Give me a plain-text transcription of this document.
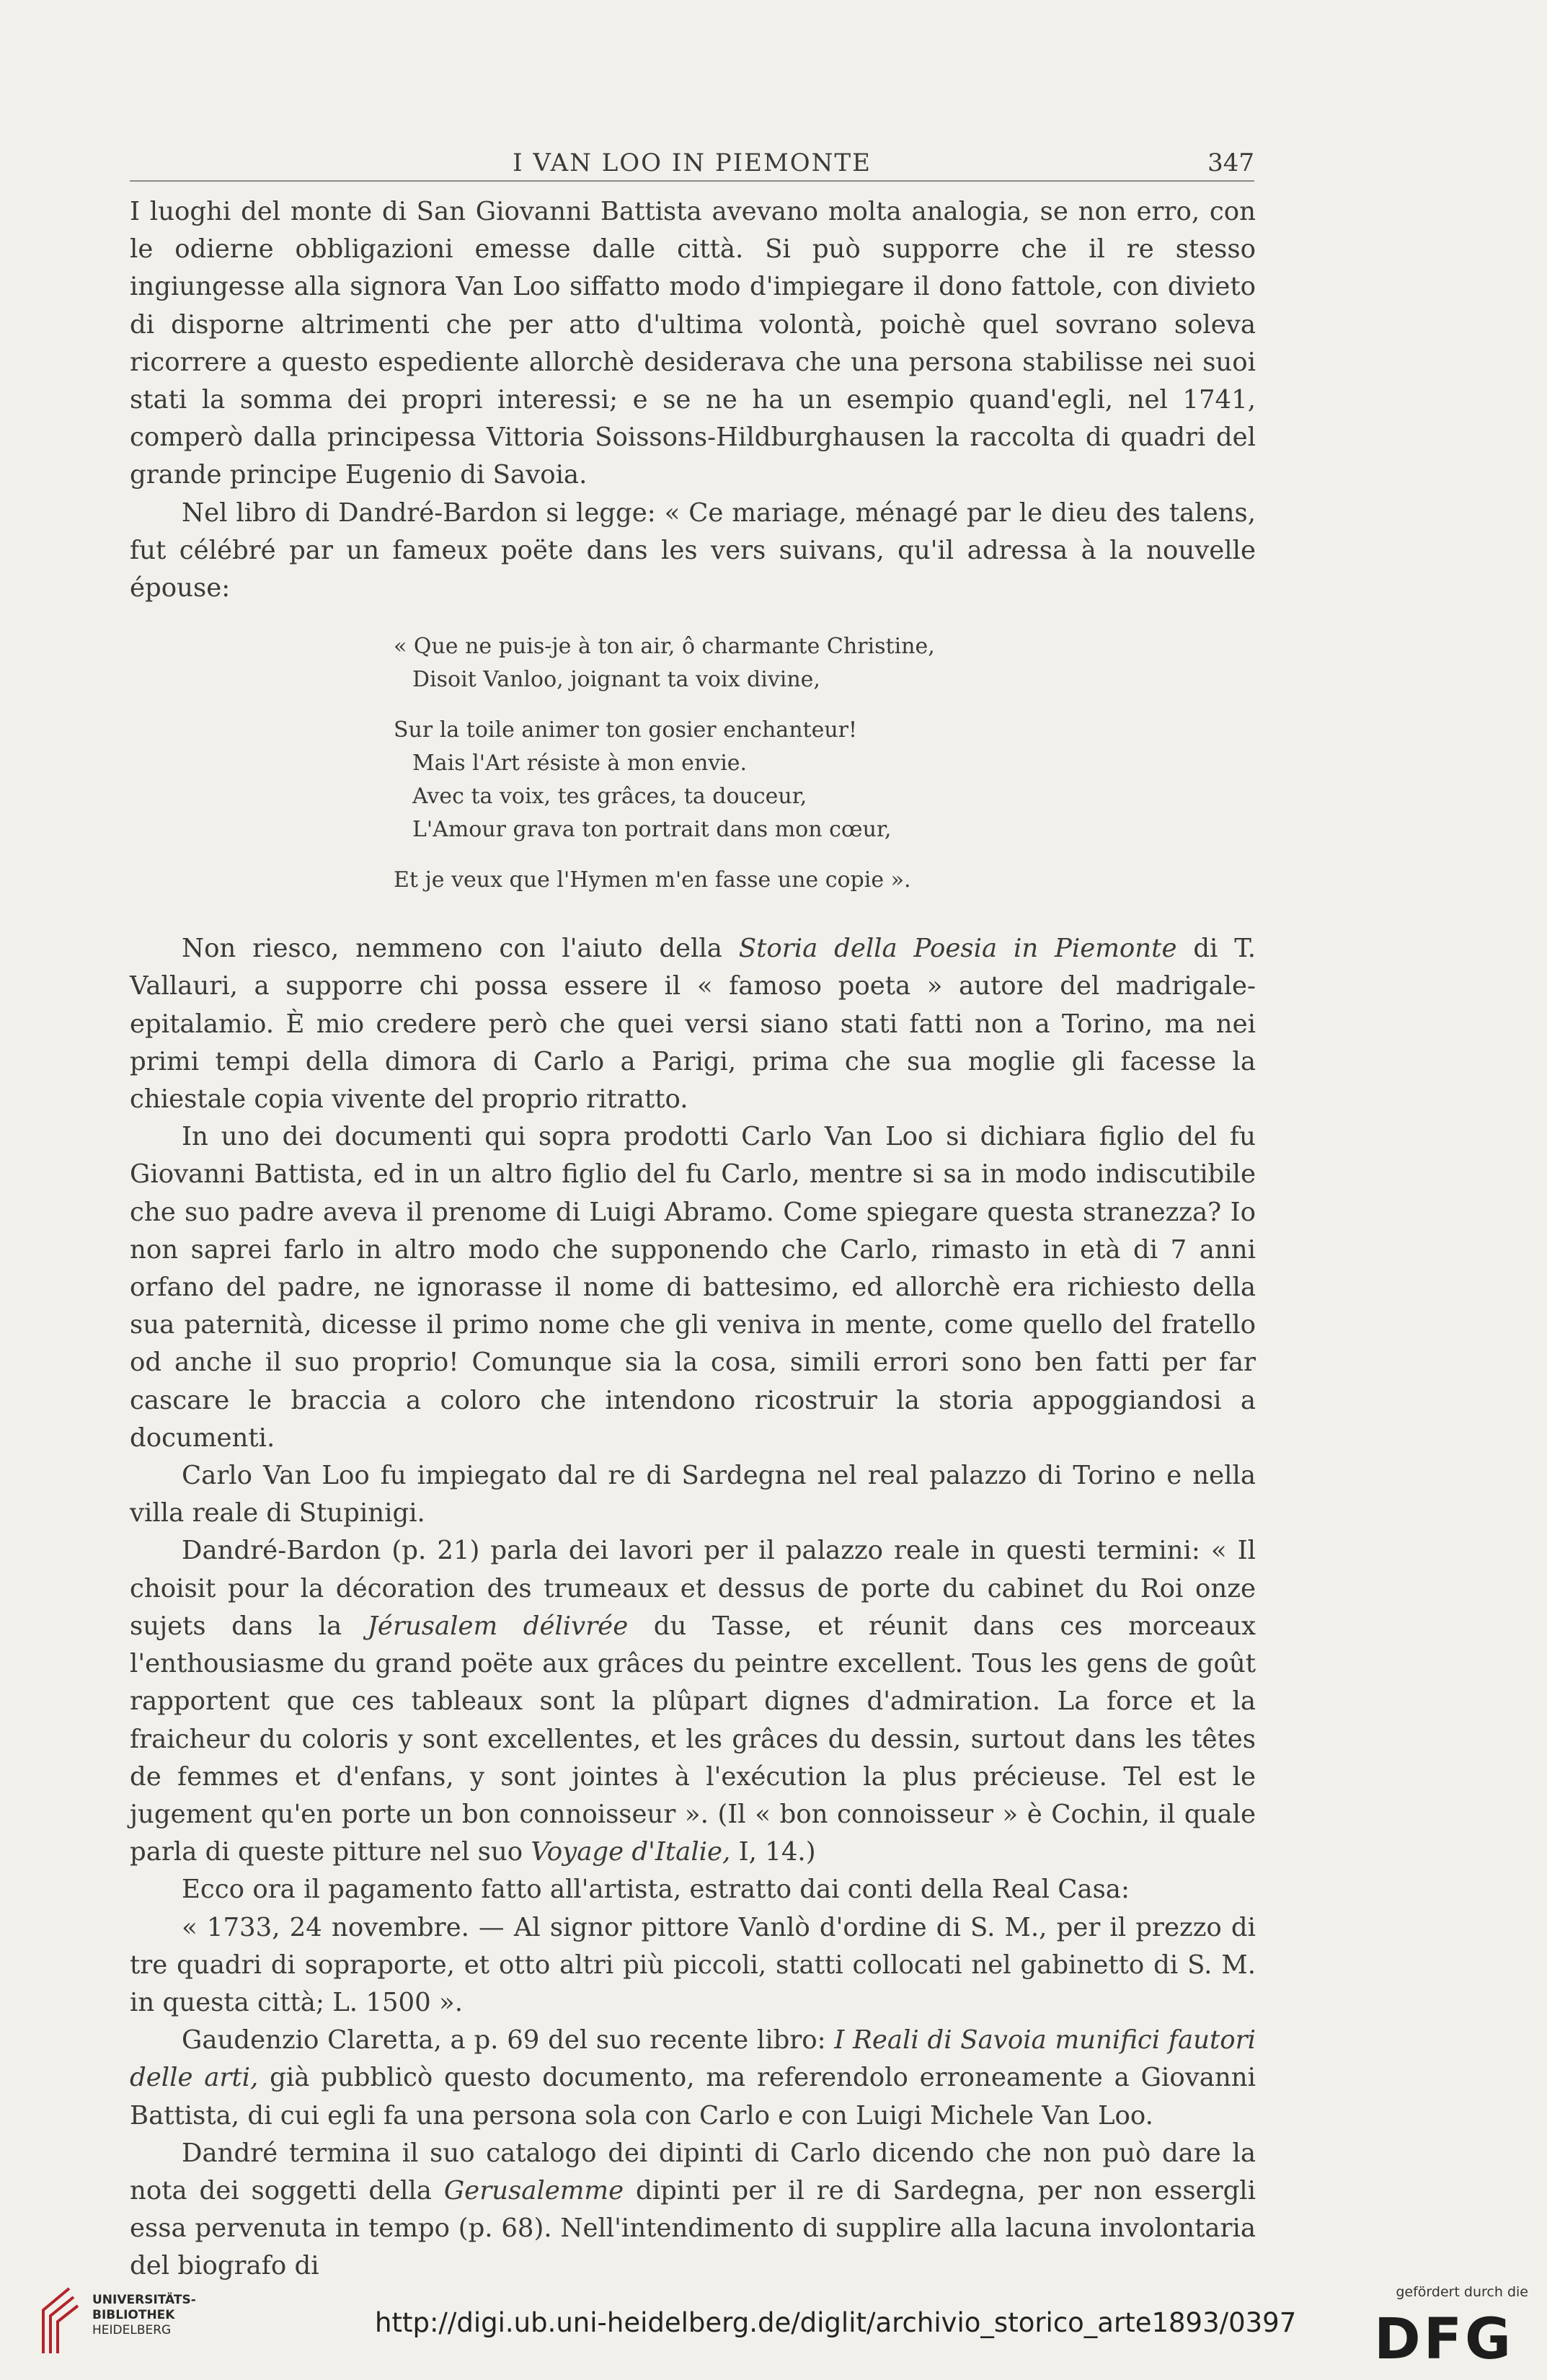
I VAN LOO IN PIEMONTE	347

I luoghi del monte di San Giovanni Battista avevano molta analogia, se non erro, con le odierne obbligazioni emesse dalle città. Si può supporre che il re stesso ingiungesse alla signora Van Loo siffatto modo d'impiegare il dono fattole, con divieto di disporne altrimenti che per atto d'ultima volontà, poichè quel sovrano soleva ricorrere a questo espediente allorchè desiderava che una persona stabilisse nei suoi stati la somma dei propri interessi; e se ne ha un esempio quand'egli, nel 1741, comperò dalla principessa Vittoria Soissons-Hildburghausen la raccolta di quadri del grande principe Eugenio di Savoia.

Nel libro di Dandré-Bardon si legge: « Ce mariage, ménagé par le dieu des talens, fut célébré par un fameux poëte dans les vers suivans, qu'il adressa à la nouvelle épouse:

« Que ne puis-je à ton air, ô charmante Christine,
Disoit Vanloo, joignant ta voix divine,
Sur la toile animer ton gosier enchanteur!
Mais l'Art résiste à mon envie.
Avec ta voix, tes grâces, ta douceur,
L'Amour grava ton portrait dans mon cœur,
Et je veux que l'Hymen m'en fasse une copie ».

Non riesco, nemmeno con l'aiuto della Storia della Poesia in Piemonte di T. Vallauri, a supporre chi possa essere il « famoso poeta » autore del madrigale-epitalamio. È mio credere però che quei versi siano stati fatti non a Torino, ma nei primi tempi della dimora di Carlo a Parigi, prima che sua moglie gli facesse la chiestale copia vivente del proprio ritratto.

In uno dei documenti qui sopra prodotti Carlo Van Loo si dichiara figlio del fu Giovanni Battista, ed in un altro figlio del fu Carlo, mentre si sa in modo indiscutibile che suo padre aveva il prenome di Luigi Abramo. Come spiegare questa stranezza? Io non saprei farlo in altro modo che supponendo che Carlo, rimasto in età di 7 anni orfano del padre, ne ignorasse il nome di battesimo, ed allorchè era richiesto della sua paternità, dicesse il primo nome che gli veniva in mente, come quello del fratello od anche il suo proprio! Comunque sia la cosa, simili errori sono ben fatti per far cascare le braccia a coloro che intendono ricostruir la storia appoggiandosi a documenti.

Carlo Van Loo fu impiegato dal re di Sardegna nel real palazzo di Torino e nella villa reale di Stupinigi.

Dandré-Bardon (p. 21) parla dei lavori per il palazzo reale in questi termini: « Il choisit pour la décoration des trumeaux et dessus de porte du cabinet du Roi onze sujets dans la Jérusalem délivrée du Tasse, et réunit dans ces morceaux l'enthousiasme du grand poëte aux grâces du peintre excellent. Tous les gens de goût rapportent que ces tableaux sont la plûpart dignes d'admiration. La force et la fraicheur du coloris y sont excellentes, et les grâces du dessin, surtout dans les têtes de femmes et d'enfans, y sont jointes à l'exécution la plus précieuse. Tel est le jugement qu'en porte un bon connoisseur ». (Il « bon connoisseur » è Cochin, il quale parla di queste pitture nel suo Voyage d'Italie, I, 14.)

Ecco ora il pagamento fatto all'artista, estratto dai conti della Real Casa:

« 1733, 24 novembre. — Al signor pittore Vanlò d'ordine di S. M., per il prezzo di tre quadri di sopraporte, et otto altri più piccoli, statti collocati nel gabinetto di S. M. in questa città; L. 1500 ».

Gaudenzio Claretta, a p. 69 del suo recente libro: I Reali di Savoia munifici fautori delle arti, già pubblicò questo documento, ma referendolo erroneamente a Giovanni Battista, di cui egli fa una persona sola con Carlo e con Luigi Michele Van Loo.

Dandré termina il suo catalogo dei dipinti di Carlo dicendo che non può dare la nota dei soggetti della Gerusalemme dipinti per il re di Sardegna, per non essergli essa pervenuta in tempo (p. 68). Nell'intendimento di supplire alla lacuna involontaria del biografo di

UNIVERSITÄTS-
BIBLIOTHEK
HEIDELBERG	http://digi.ub.uni-heidelberg.de/diglit/archivio_storico_arte1893/0397
gefördert durch die
DFG
